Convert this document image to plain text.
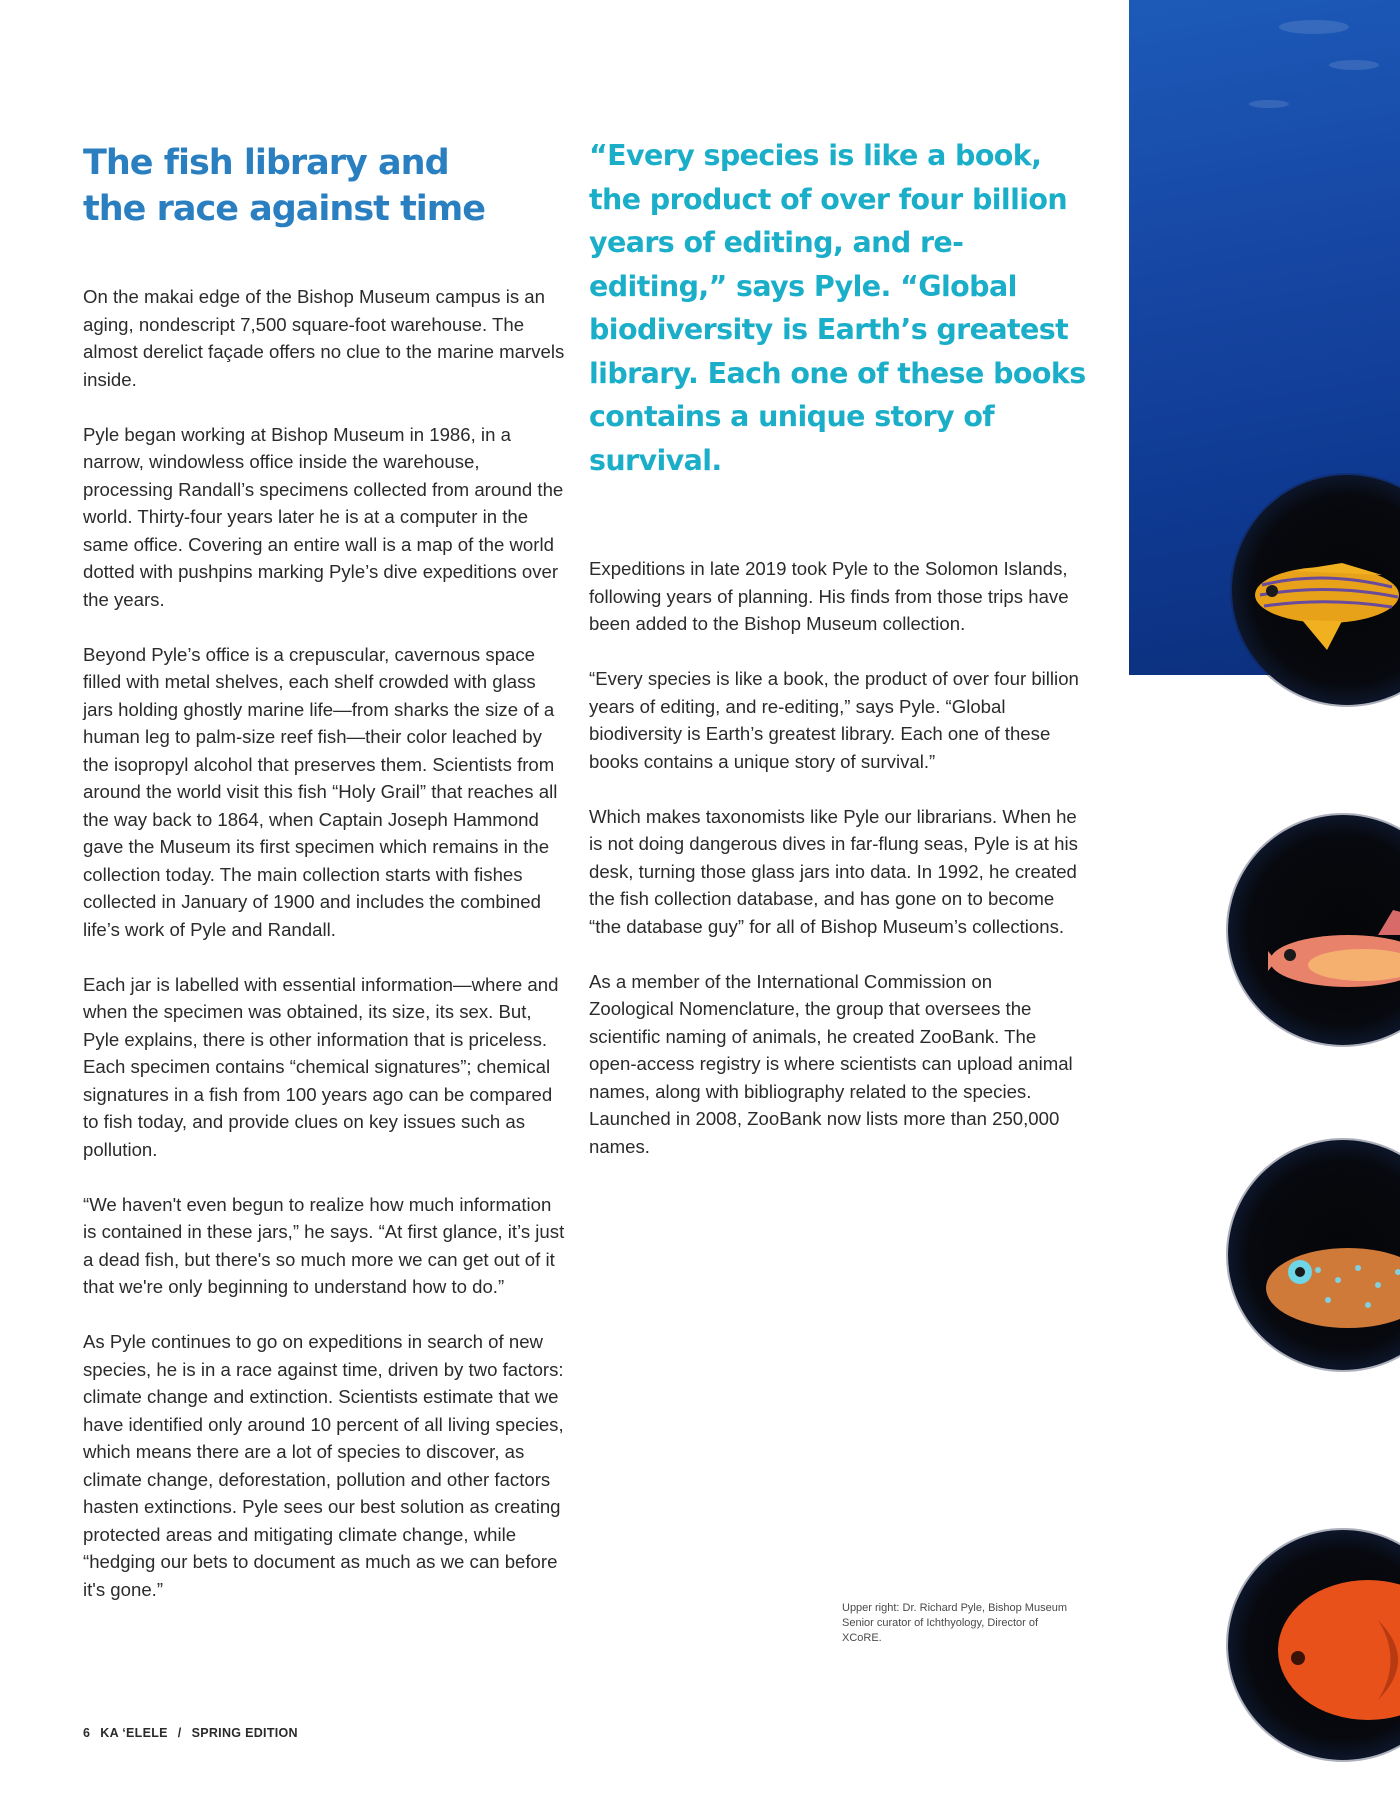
The fish library and
the race against time

On the makai edge of the Bishop Museum campus is an aging, nondescript 7,500 square-foot warehouse. The almost derelict façade offers no clue to the marine marvels inside.

Pyle began working at Bishop Museum in 1986, in a narrow, windowless office inside the warehouse, processing Randall’s specimens collected from around the world. Thirty-four years later he is at a computer in the same office. Covering an entire wall is a map of the world dotted with pushpins marking Pyle’s dive expeditions over the years.

Beyond Pyle’s office is a crepuscular, cavernous space filled with metal shelves, each shelf crowded with glass jars holding ghostly marine life—from sharks the size of a human leg to palm-size reef fish—their color leached by the isopropyl alcohol that preserves them. Scientists from around the world visit this fish “Holy Grail” that reaches all the way back to 1864, when Captain Joseph Hammond gave the Museum its first specimen which remains in the collection today. The main collection starts with fishes collected in January of 1900 and includes the combined life’s work of Pyle and Randall.

Each jar is labelled with essential information—where and when the specimen was obtained, its size, its sex. But, Pyle explains, there is other information that is priceless. Each specimen contains “chemical signatures”; chemical signatures in a fish from 100 years ago can be compared to fish today, and provide clues on key issues such as pollution.

“We haven't even begun to realize how much information is contained in these jars,” he says. “At first glance, it’s just a dead fish, but there's so much more we can get out of it that we're only beginning to understand how to do.”

As Pyle continues to go on expeditions in search of new species, he is in a race against time, driven by two factors: climate change and extinction. Scientists estimate that we have identified only around 10 percent of all living species, which means there are a lot of species to discover, as climate change, deforestation, pollution and other factors hasten extinctions. Pyle sees our best solution as creating protected areas and mitigating climate change, while “hedging our bets to document as much as we can before it's gone.”

“Every species is like a book, the product of over four billion years of editing, and re-editing,” says Pyle. “Global biodiversity is Earth’s greatest library. Each one of these books contains a unique story of survival.

Expeditions in late 2019 took Pyle to the Solomon Islands, following years of planning. His finds from those trips have been added to the Bishop Museum collection.

“Every species is like a book, the product of over four billion years of editing, and re-editing,” says Pyle. “Global biodiversity is Earth’s greatest library. Each one of these books contains a unique story of survival.”

Which makes taxonomists like Pyle our librarians. When he is not doing dangerous dives in far-flung seas, Pyle is at his desk, turning those glass jars into data. In 1992, he created the fish collection database, and has gone on to become “the database guy” for all of Bishop Museum’s collections.

As a member of the International Commission on Zoological Nomenclature, the group that oversees the scientific naming of animals, he created ZooBank. The open-access registry is where scientists can upload animal names, along with bibliography related to the species. Launched in 2008, ZooBank now lists more than 250,000 names.

Upper right: Dr. Richard Pyle, Bishop Museum Senior curator of Ichthyology, Director of XCoRE.
6 KA ‘ELELE / SPRING EDITION
